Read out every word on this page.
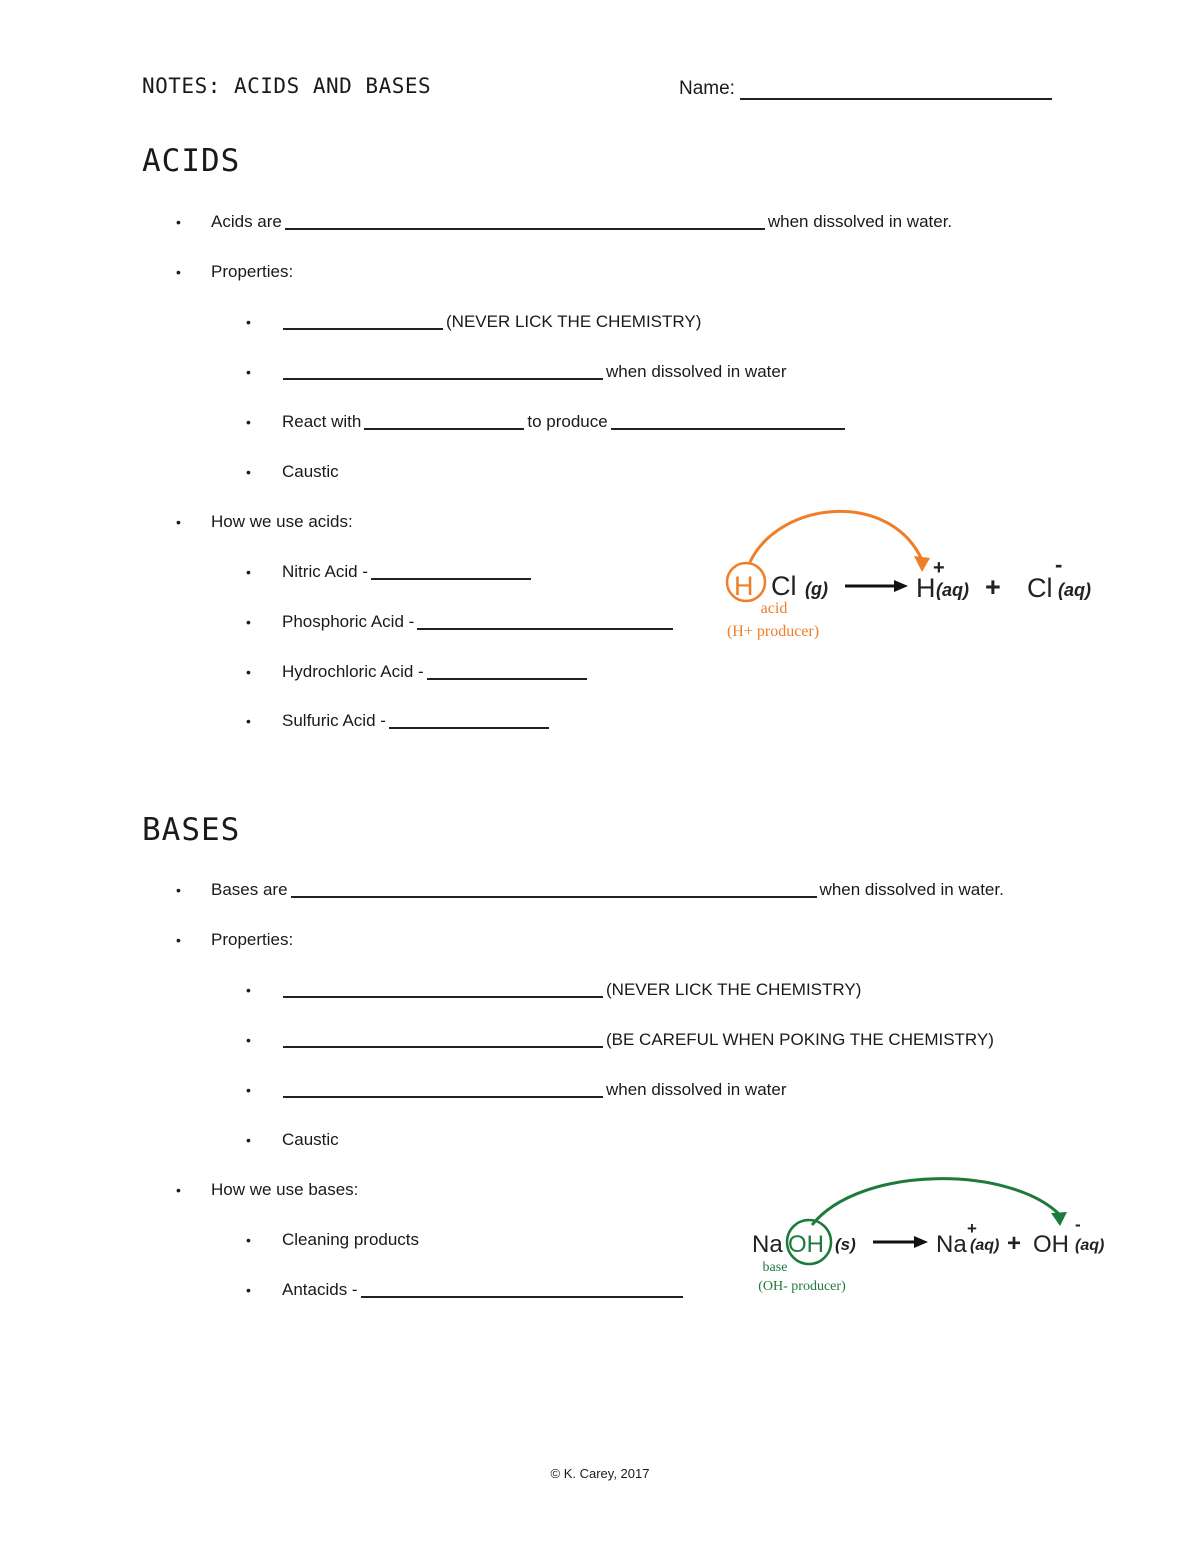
NOTES: ACIDS AND BASES	Name:
ACIDS
• Acids are	when dissolved in water.
• Properties:
•	(NEVER LICK THE CHEMISTRY)
•	when dissolved in water
• React with	to produce
• Caustic
• How we use acids:
• Nitric Acid -
• Phosphoric Acid -
• Hydrochloric Acid -
• Sulfuric Acid -
H Cl (g)	H
+
(aq) + Cl
-
(aq)
acid
(H+ producer)
BASES
• Bases are	when dissolved in water.
• Properties:
•	(NEVER LICK THE CHEMISTRY)
•	(BE CAREFUL WHEN POKING THE CHEMISTRY)
•	when dissolved in water
• Caustic
• How we use bases:
• Cleaning products
• Antacids -
Na OH (s)	Na
+
(aq) + OH
-
(aq)
base
(OH- producer)
© K. Carey, 2017
